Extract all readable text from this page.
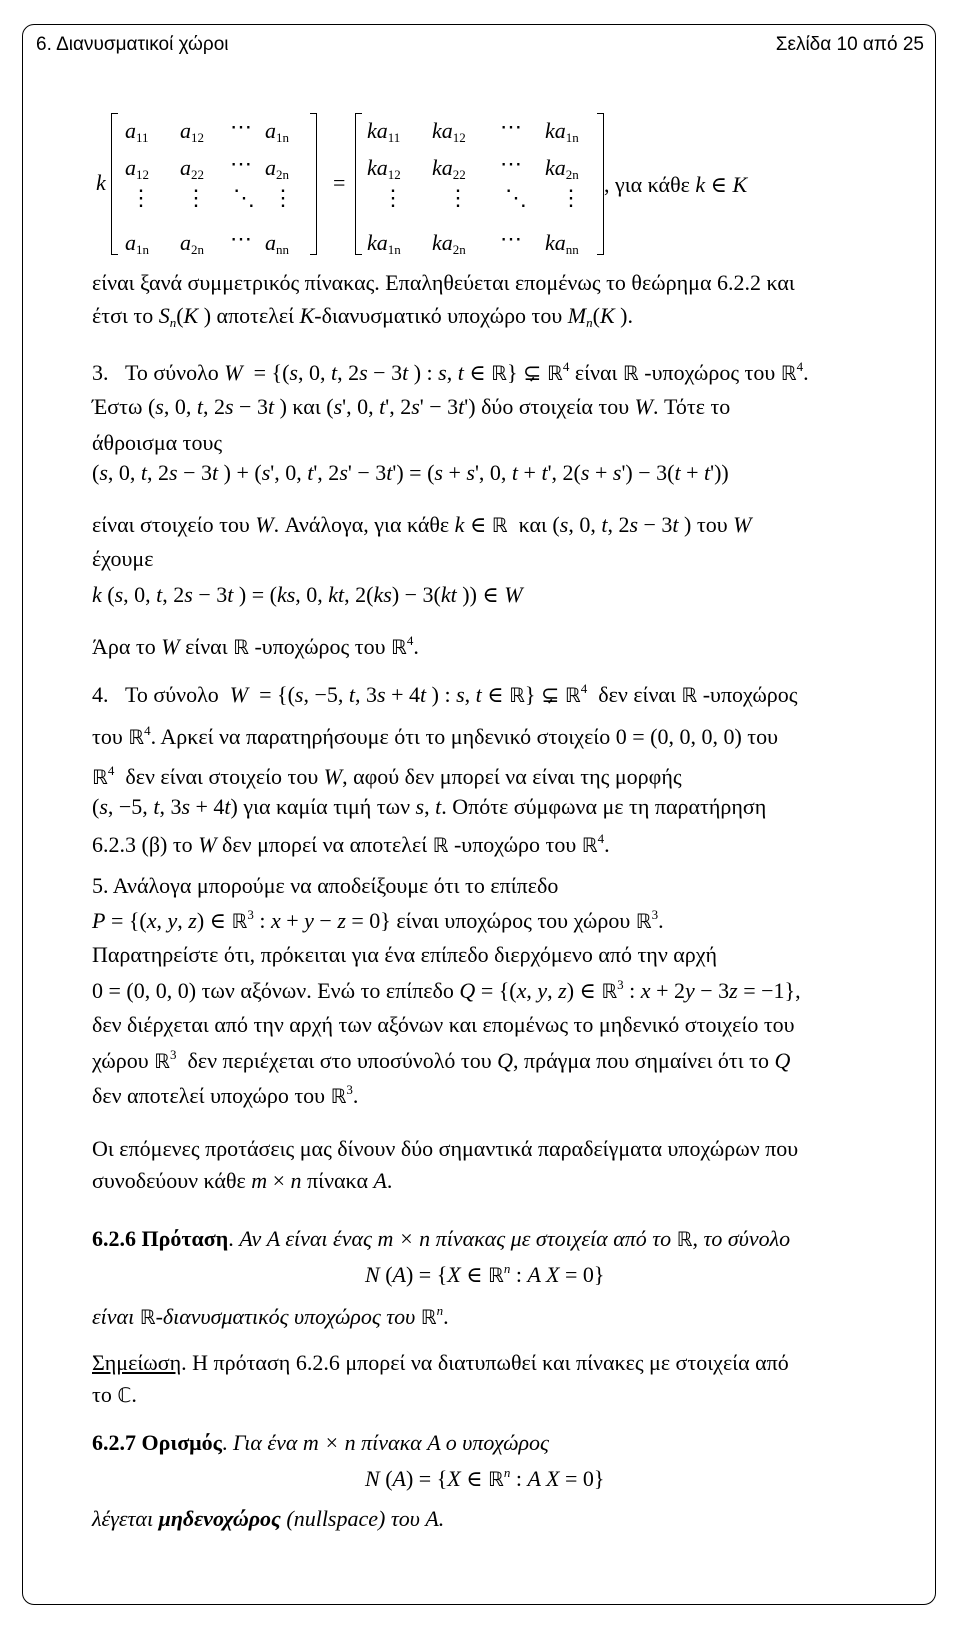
6. Διανυσματικοί χώροι	Σελίδα 10 από 25
k
$a_{11}$ $a_{12}$ ⋯ $a_{1n}$
$a_{12}$ $a_{22}$ ⋯ $a_{2n}$
⋮ ⋮ ⋱ ⋮
$a_{1n}$ $a_{2n}$ ⋯ $a_{nn}$
=
$ka_{11}$ $ka_{12}$ ⋯ $ka_{1n}$
$ka_{12}$ $ka_{22}$ ⋯ $ka_{2n}$
⋮ ⋮ ⋱ ⋮
$ka_{1n}$ $ka_{2n}$ ⋯ $ka_{nn}$
, για κάθε k ∈ K
είναι ξανά συμμετρικός πίνακας. Επαληθεύεται επομένως το θεώρημα 6.2.2 και
έτσι το $S_n(K$ ) αποτελεί K-διανυσματικό υποχώρο του $M_n(K$ ).
3. Το σύνολο W  = {(s, 0, t, 2s − 3t ) : s, t ∈ ℝ} ⊊ ℝ$^4$ είναι ℝ -υποχώρος του ℝ$^4$.
Έστω (s, 0, t, 2s − 3t ) και (s', 0, t', 2s' − 3t') δύο στοιχεία του W. Τότε το
άθροισμα τους
(s, 0, t, 2s − 3t ) + (s', 0, t', 2s' − 3t') = (s + s', 0, t + t', 2(s + s') − 3(t + t'))
είναι στοιχείο του W. Ανάλογα, για κάθε k ∈ ℝ και (s, 0, t, 2s − 3t ) του W
έχουμε
k (s, 0, t, 2s − 3t ) = (ks, 0, kt, 2(ks) − 3(kt )) ∈ W
Άρα το W είναι ℝ -υποχώρος του ℝ$^4$.
4. Το σύνολο W  = {(s, −5, t, 3s + 4t ) : s, t ∈ ℝ} ⊊ ℝ$^4$ δεν είναι ℝ -υποχώρος
του ℝ$^4$. Αρκεί να παρατηρήσουμε ότι το μηδενικό στοιχείο 0 = (0, 0, 0, 0) του
ℝ$^4$ δεν είναι στοιχείο του W, αφού δεν μπορεί να είναι της μορφής
(s, −5, t, 3s + 4t) για καμία τιμή των s, t. Οπότε σύμφωνα με τη παρατήρηση
6.2.3 (β) το W δεν μπορεί να αποτελεί ℝ -υποχώρο του ℝ$^4$.
5. Ανάλογα μπορούμε να αποδείξουμε ότι το επίπεδο
P = {(x, y, z) ∈ ℝ$^3$ : x + y − z = 0} είναι υποχώρος του χώρου ℝ$^3$.
Παρατηρείστε ότι, πρόκειται για ένα επίπεδο διερχόμενο από την αρχή
0 = (0, 0, 0) των αξόνων. Ενώ το επίπεδο Q = {(x, y, z) ∈ ℝ$^3$ : x + 2y − 3z = −1},
δεν διέρχεται από την αρχή των αξόνων και επομένως το μηδενικό στοιχείο του
χώρου ℝ$^3$ δεν περιέχεται στο υποσύνολό του Q, πράγμα που σημαίνει ότι το Q
δεν αποτελεί υποχώρο του ℝ$^3$.
Οι επόμενες προτάσεις μας δίνουν δύο σημαντικά παραδείγματα υποχώρων που
συνοδεύουν κάθε m × n πίνακα A.
6.2.6 Πρόταση. Αν A είναι ένας m × n πίνακας με στοιχεία από το ℝ, το σύνολο
N (A) = {X ∈ ℝ$^n$ : A X = 0}
είναι ℝ-διανυσματικός υποχώρος του ℝ$^n$.
Σημείωση. Η πρόταση 6.2.6 μπορεί να διατυπωθεί και πίνακες με στοιχεία από
το ℂ.
6.2.7 Ορισμός. Για ένα m × n πίνακα A ο υποχώρος
N (A) = {X ∈ ℝ$^n$ : A X = 0}
λέγεται μηδενοχώρος (nullspace) του A.
